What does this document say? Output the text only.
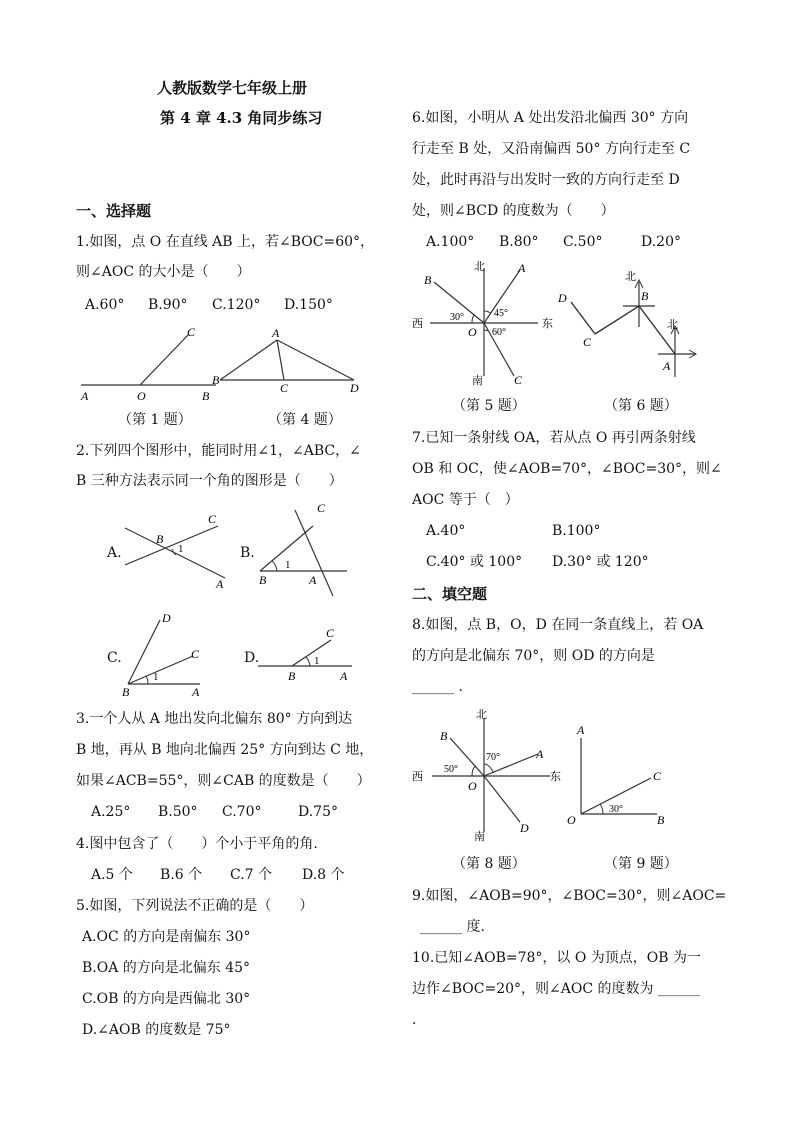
人教版数学七年级上册
第 4 章 4.3 角同步练习
一、选择题
1.如图，点 O 在直线 AB 上，若∠BOC=60°，
则∠AOC 的大小是（　　）
A.60° B.90° C.120° D.150°
A	O	B
C	A
B
C	D
（第 1 题）	（第 4 题）
2.下列四个图形中，能同时用∠1，∠ABC，∠
B 三种方法表示同一个角的图形是（　　）
A.
B
C
A
1	B.
B	A
C
1
C.
D
C
B	A
1
D.
C
B	A
1
3.一个人从 A 地出发向北偏东 80° 方向到达
B 地，再从 B 地向北偏西 25° 方向到达 C 地，
如果∠ACB=55°，则∠CAB 的度数是（　　）
A.25° B.50° C.70°	D.75°
4.图中包含了（　　）个小于平角的角.
A.5 个 B.6 个 C.7 个 D.8 个
5.如图，下列说法不正确的是（　　）
A.OC 的方向是南偏东 30°
B.OA 的方向是北偏东 45°
C.OB 的方向是西偏北 30°
D.∠AOB 的度数是 75°
6.如图，小明从 A 处出发沿北偏西 30° 方向
行走至 B 处，又沿南偏西 50° 方向行走至 C
处，此时再沿与出发时一致的方向行走至 D
处，则∠BCD 的度数为（　　）
A.100° B.80° C.50°	D.20°
北
西	东
南
A
B
C
O
30°	45°
60°
北
北
B
A
C
D
（第 5 题）	（第 6 题）
7.已知一条射线 OA，若从点 O 再引两条射线
OB 和 OC，使∠AOB=70°，∠BOC=30°，则∠
AOC 等于（　）
A.40°	B.100°
C.40° 或 100° D.30° 或 120°
二、填空题
8.如图，点 B，O，D 在同一条直线上，若 OA
的方向是北偏东 70°，则 OD 的方向是
______ .
北
西	东
南
A
B
D
O
50°
70°
A
O	B
C
30°
（第 8 题）	（第 9 题）
9.如图，∠AOB=90°，∠BOC=30°，则∠AOC=
______ 度.
10.已知∠AOB=78°，以 O 为顶点，OB 为一
边作∠BOC=20°，则∠AOC 的度数为 ______
.
